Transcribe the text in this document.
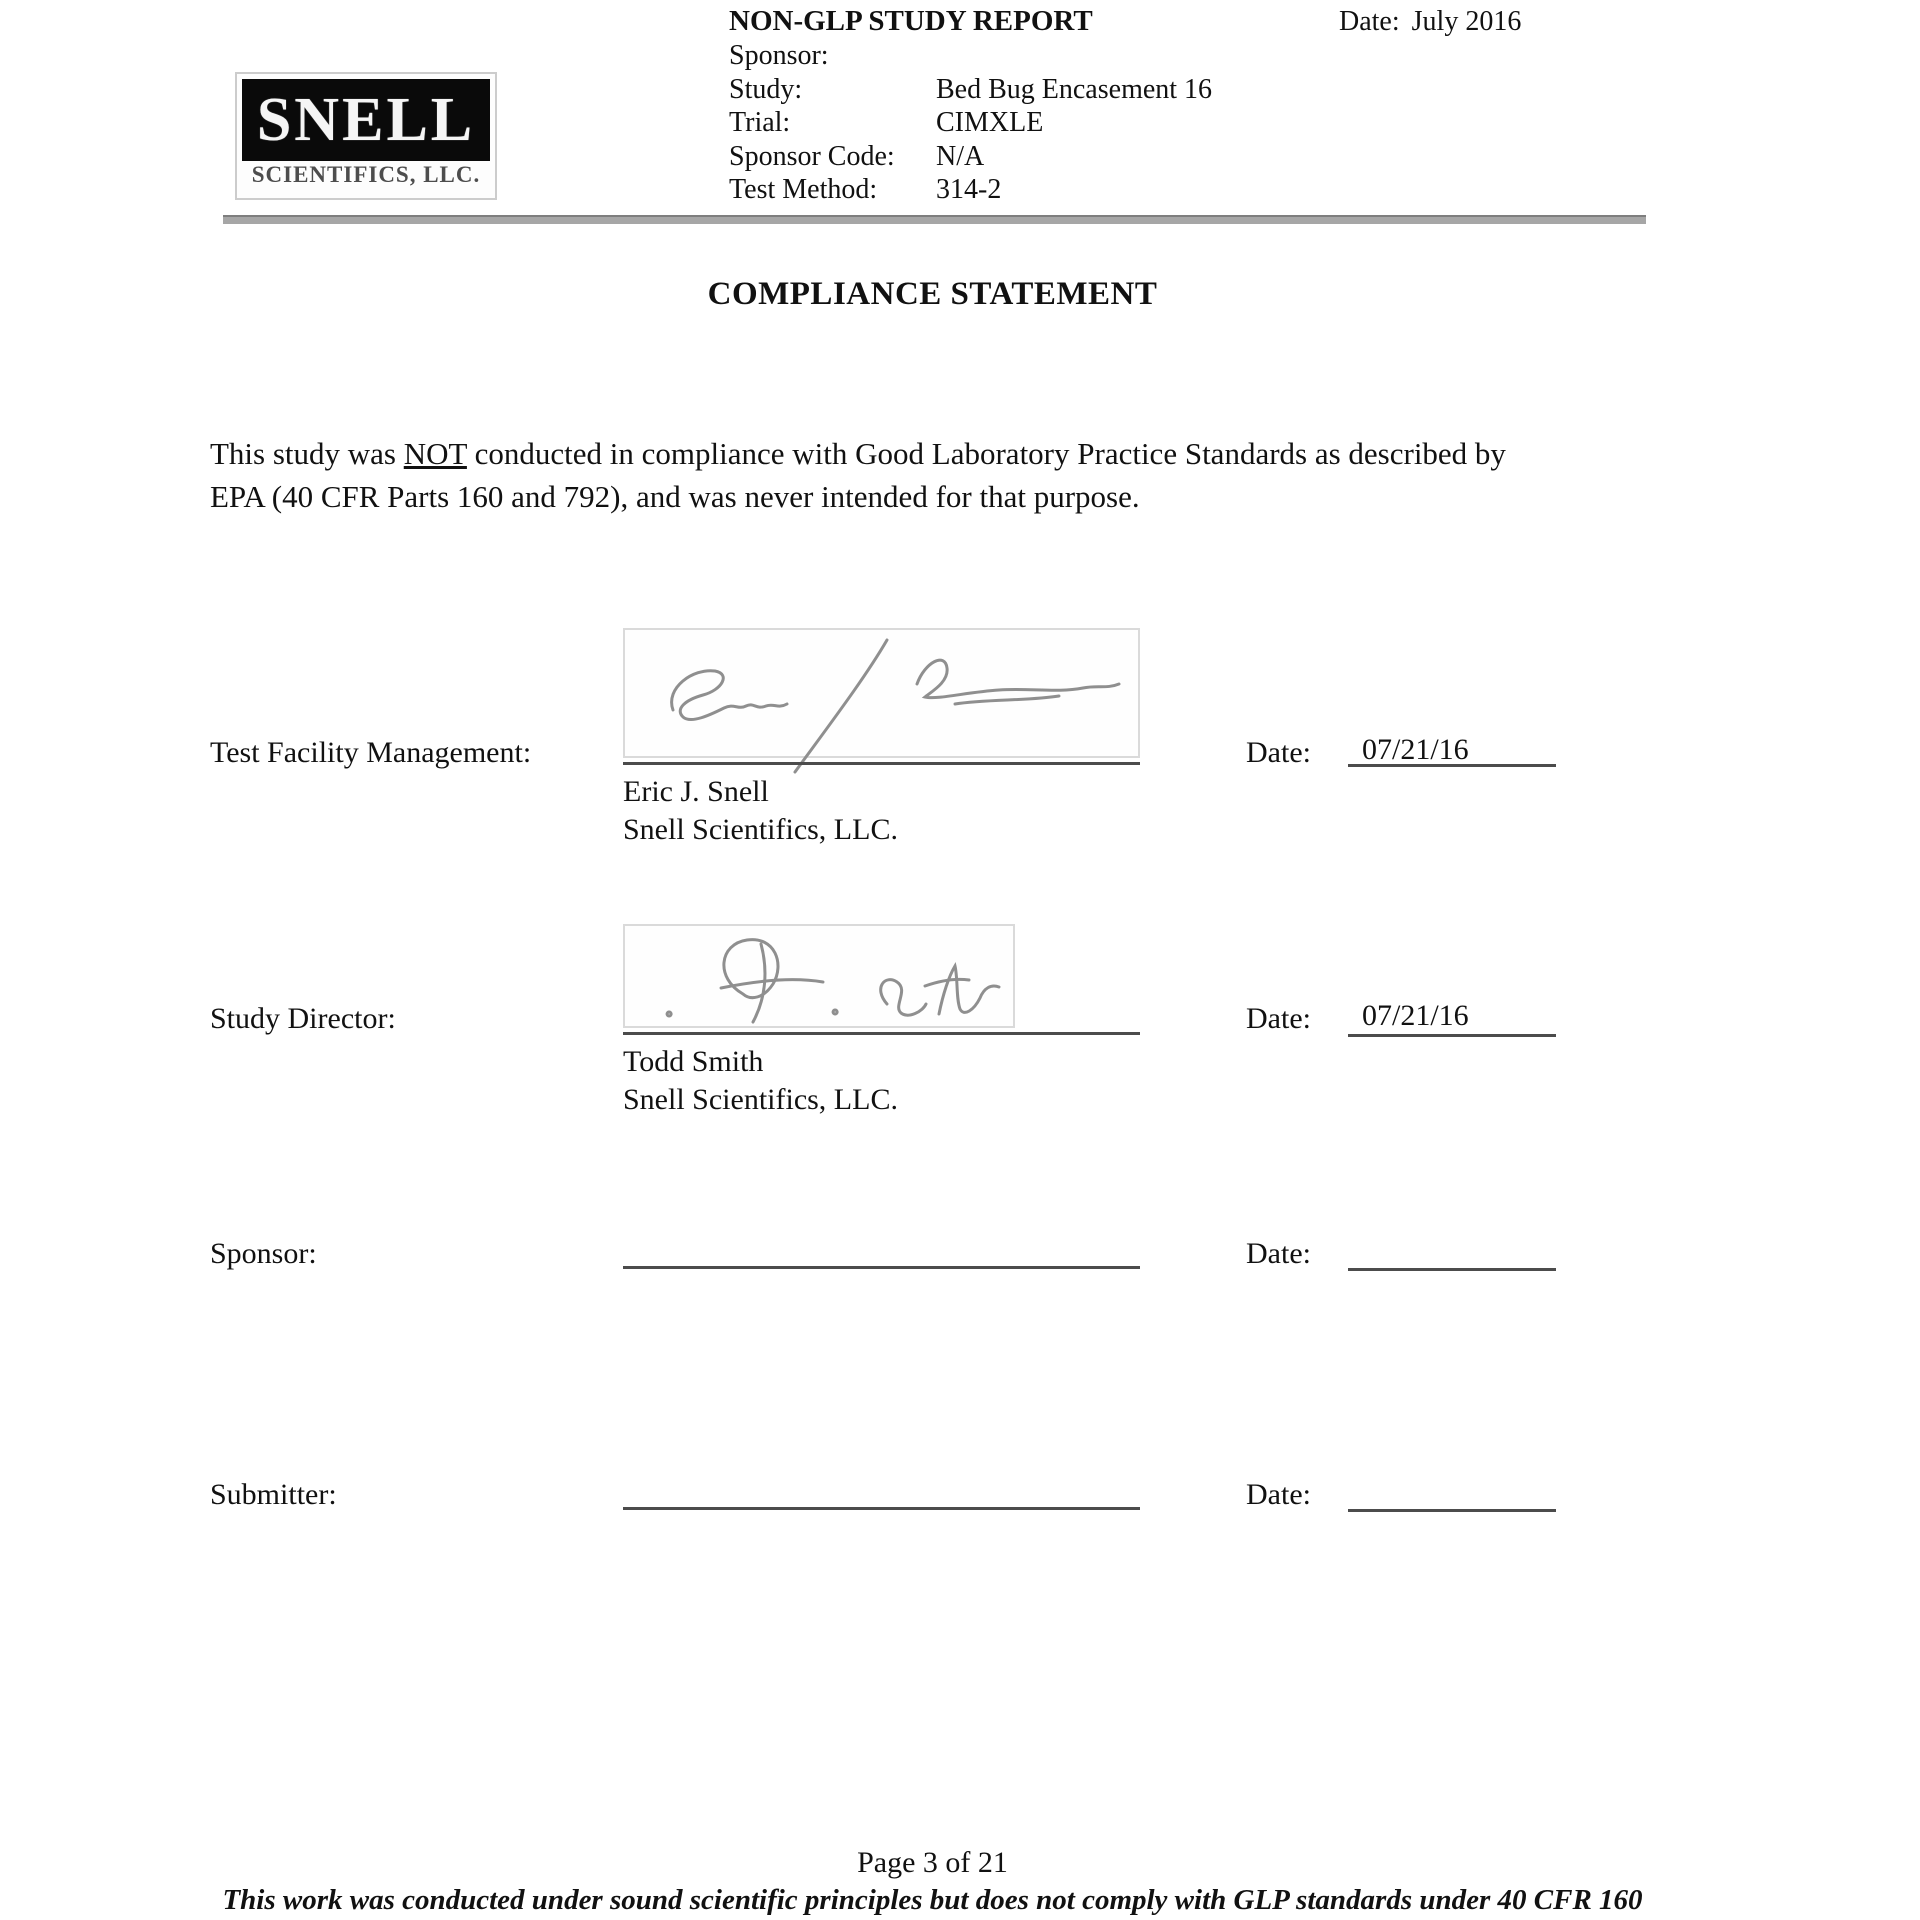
SNELL
SCIENTIFICS, LLC.
NON-GLP STUDY REPORT
Sponsor:
Study:	Bed Bug Encasement 16
Trial:	CIMXLE
Sponsor Code:	N/A
Test Method:	314-2
Date: July 2016
COMPLIANCE STATEMENT
This study was NOT conducted in compliance with Good Laboratory Practice Standards as described by
EPA (40 CFR Parts 160 and 792), and was never intended for that purpose.
Test Facility Management:	Date: 07/21/16
Eric J. Snell
Snell Scientifics, LLC.
Study Director:	Date: 07/21/16
Todd Smith
Snell Scientifics, LLC.
Sponsor:	Date:
Submitter:	Date:
Page 3 of 21
This work was conducted under sound scientific principles but does not comply with GLP standards under 40 CFR 160
